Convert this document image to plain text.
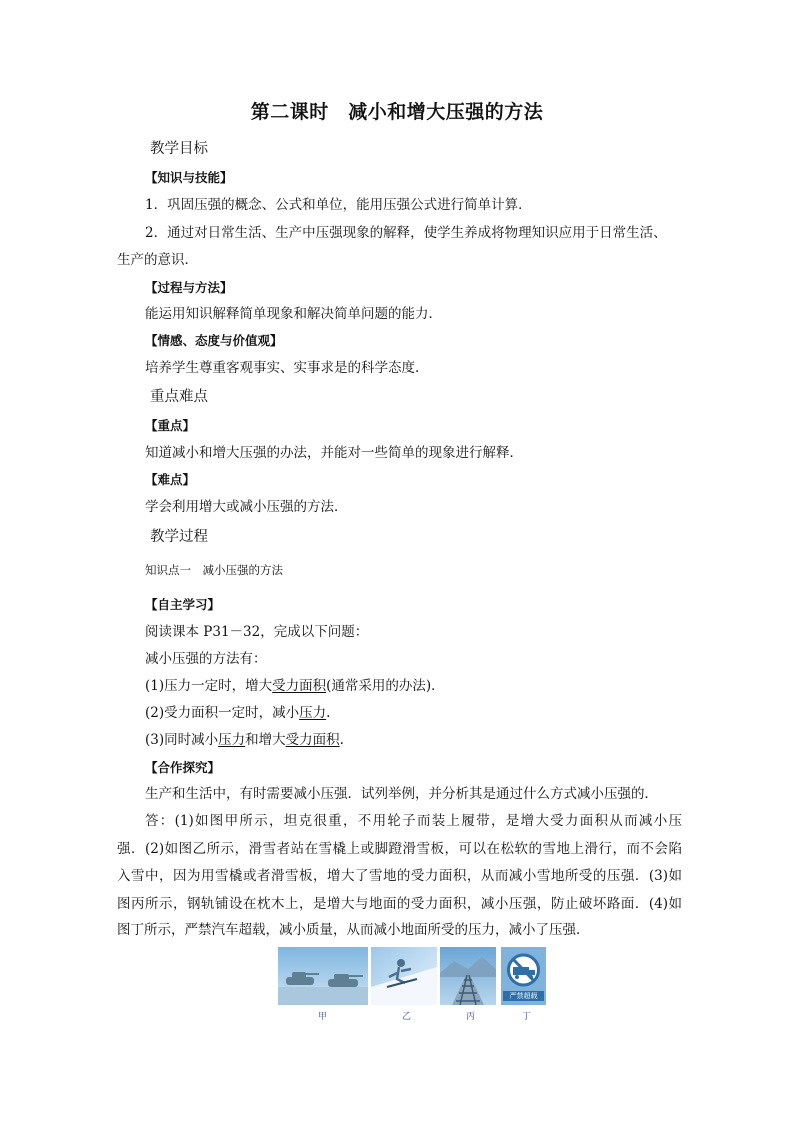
第二课时　减小和增大压强的方法
教学目标
【知识与技能】
1．巩固压强的概念、公式和单位，能用压强公式进行简单计算．
2．通过对日常生活、生产中压强现象的解释，使学生养成将物理知识应用于日常生活、
生产的意识．
【过程与方法】
能运用知识解释简单现象和解决简单问题的能力．
【情感、态度与价值观】
培养学生尊重客观事实、实事求是的科学态度.
重点难点
【重点】
知道减小和增大压强的办法，并能对一些简单的现象进行解释．
【难点】
学会利用增大或减小压强的方法．
教学过程
知识点一　减小压强的方法
【自主学习】
阅读课本 P31－32，完成以下问题：
减小压强的方法有：
(1)压力一定时，增大受力面积(通常采用的办法)．
(2)受力面积一定时，减小压力.
(3)同时减小压力和增大受力面积.
【合作探究】
生产和生活中，有时需要减小压强．试列举例，并分析其是通过什么方式减小压强的．
答：(1)如图甲所示，坦克很重，不用轮子而装上履带，是增大受力面积从而减小压
强．(2)如图乙所示，滑雪者站在雪橇上或脚蹬滑雪板，可以在松软的雪地上滑行，而不会陷
入雪中，因为用雪橇或者滑雪板，增大了雪地的受力面积，从而减小雪地所受的压强．(3)如
图丙所示，钢轨铺设在枕木上，是增大与地面的受力面积，减小压强，防止破坏路面．(4)如
图丁所示，严禁汽车超载，减小质量，从而减小地面所受的压力，减小了压强．
严禁超载
甲	乙	丙	丁
